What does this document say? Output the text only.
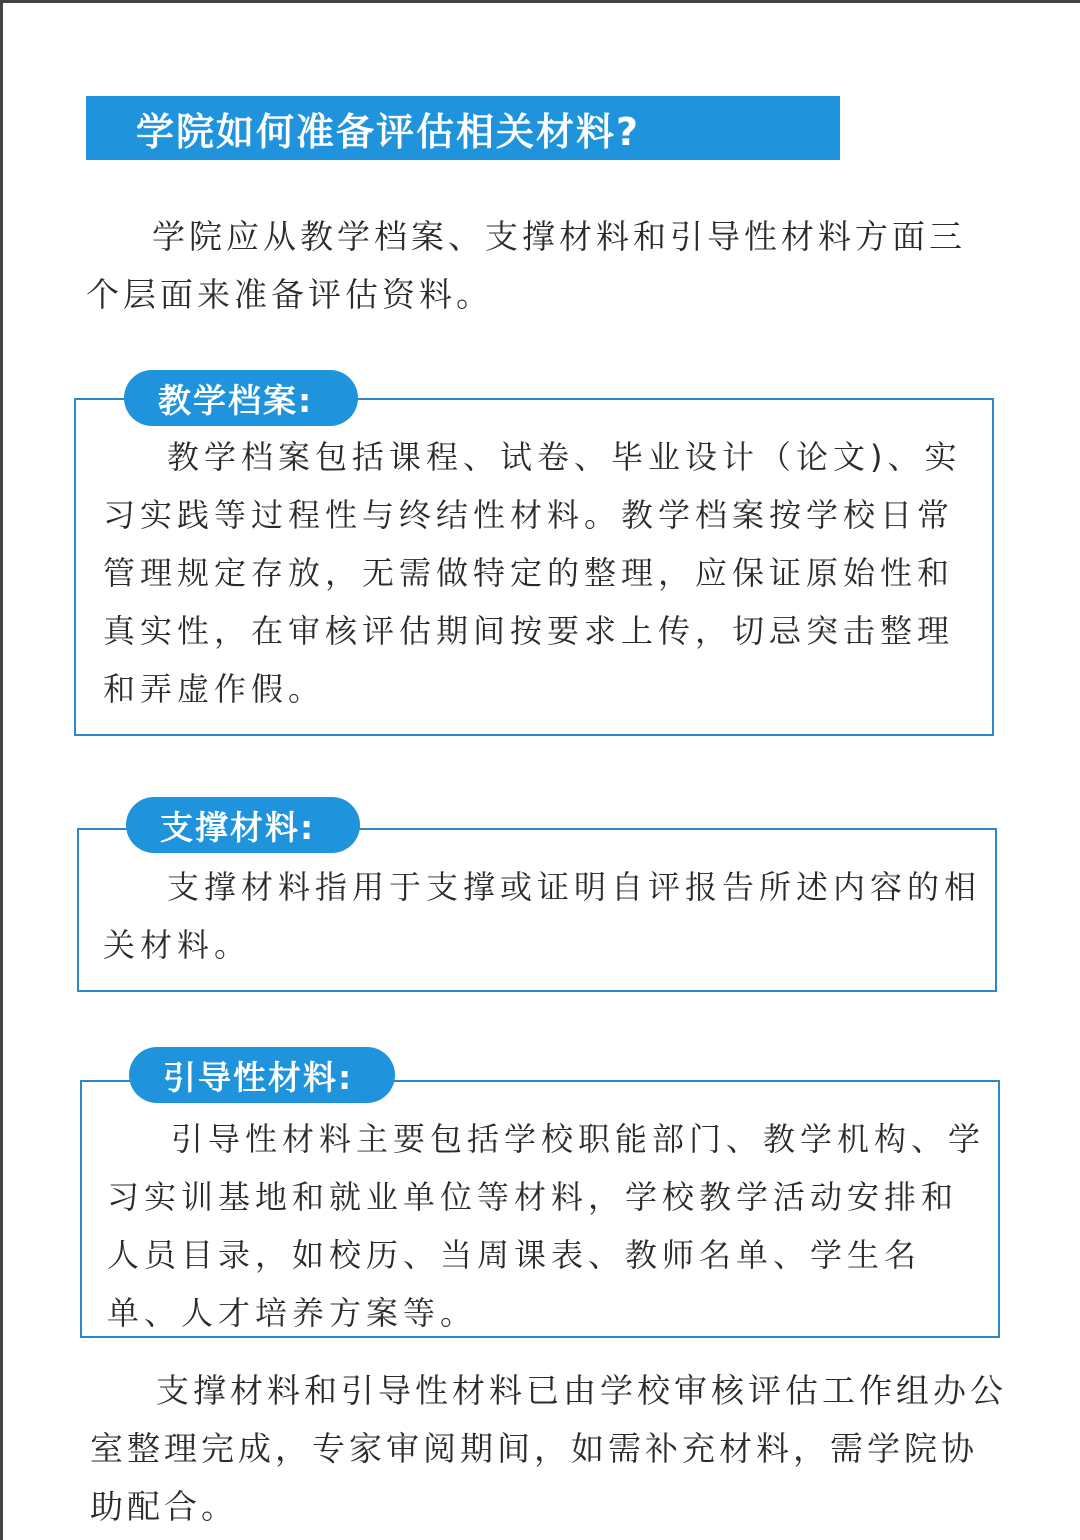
学院如何准备评估相关材料?

学院应从教学档案、支撑材料和引导性材料方面三个层面来准备评估资料。

教学档案:

教学档案包括课程、试卷、毕业设计（论文)、实习实践等过程性与终结性材料。教学档案按学校日常管理规定存放，无需做特定的整理，应保证原始性和真实性，在审核评估期间按要求上传，切忌突击整理和弄虚作假。

支撑材料:

支撑材料指用于支撑或证明自评报告所述内容的相关材料。

引导性材料:

引导性材料主要包括学校职能部门、教学机构、学习实训基地和就业单位等材料，学校教学活动安排和人员目录，如校历、当周课表、教师名单、学生名单、人才培养方案等。

支撑材料和引导性材料已由学校审核评估工作组办公室整理完成，专家审阅期间，如需补充材料，需学院协助配合。
